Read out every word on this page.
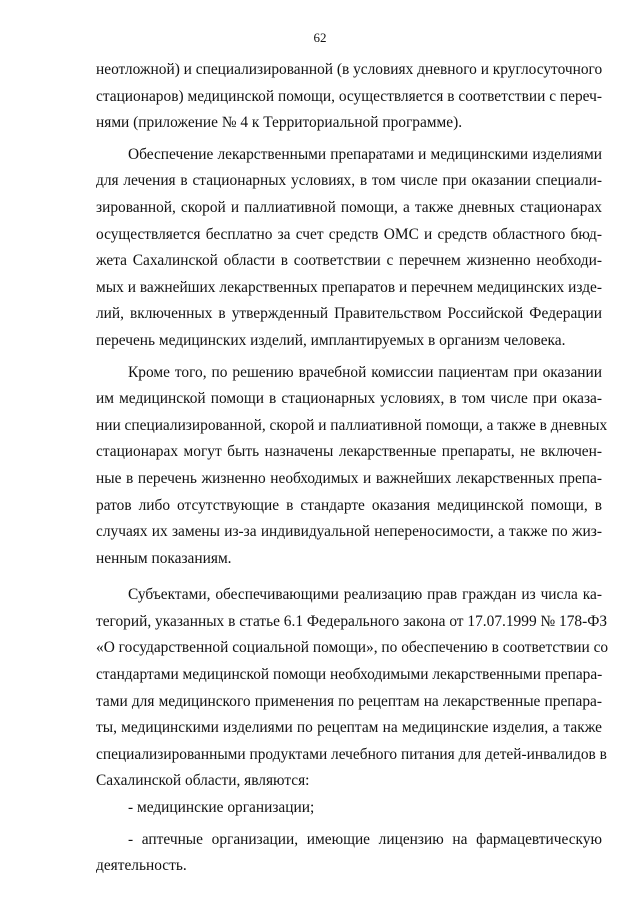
62
неотложной) и специализированной (в условиях дневного и круглосуточного
стационаров) медицинской помощи, осуществляется в соответствии с переч-
нями (приложение № 4 к Территориальной программе).
Обеспечение лекарственными препаратами и медицинскими изделиями
для лечения в стационарных условиях, в том числе при оказании специали-
зированной, скорой и паллиативной помощи, а также дневных стационарах
осуществляется бесплатно за счет средств ОМС и средств областного бюд-
жета Сахалинской области в соответствии с перечнем жизненно необходи-
мых и важнейших лекарственных препаратов и перечнем медицинских изде-
лий, включенных в утвержденный Правительством Российской Федерации
перечень медицинских изделий, имплантируемых в организм человека.
Кроме того, по решению врачебной комиссии пациентам при оказании
им медицинской помощи в стационарных условиях, в том числе при оказа-
нии специализированной, скорой и паллиативной помощи, а также в дневных
стационарах могут быть назначены лекарственные препараты, не включен-
ные в перечень жизненно необходимых и важнейших лекарственных препа-
ратов либо отсутствующие в стандарте оказания медицинской помощи, в
случаях их замены из-за индивидуальной непереносимости, а также по жиз-
ненным показаниям.
Субъектами, обеспечивающими реализацию прав граждан из числа ка-
тегорий, указанных в статье 6.1 Федерального закона от 17.07.1999 № 178-ФЗ
«О государственной социальной помощи», по обеспечению в соответствии со
стандартами медицинской помощи необходимыми лекарственными препара-
тами для медицинского применения по рецептам на лекарственные препара-
ты, медицинскими изделиями по рецептам на медицинские изделия, а также
специализированными продуктами лечебного питания для детей-инвалидов в
Сахалинской области, являются:
- медицинские организации;
- аптечные организации, имеющие лицензию на фармацевтическую
деятельность.
